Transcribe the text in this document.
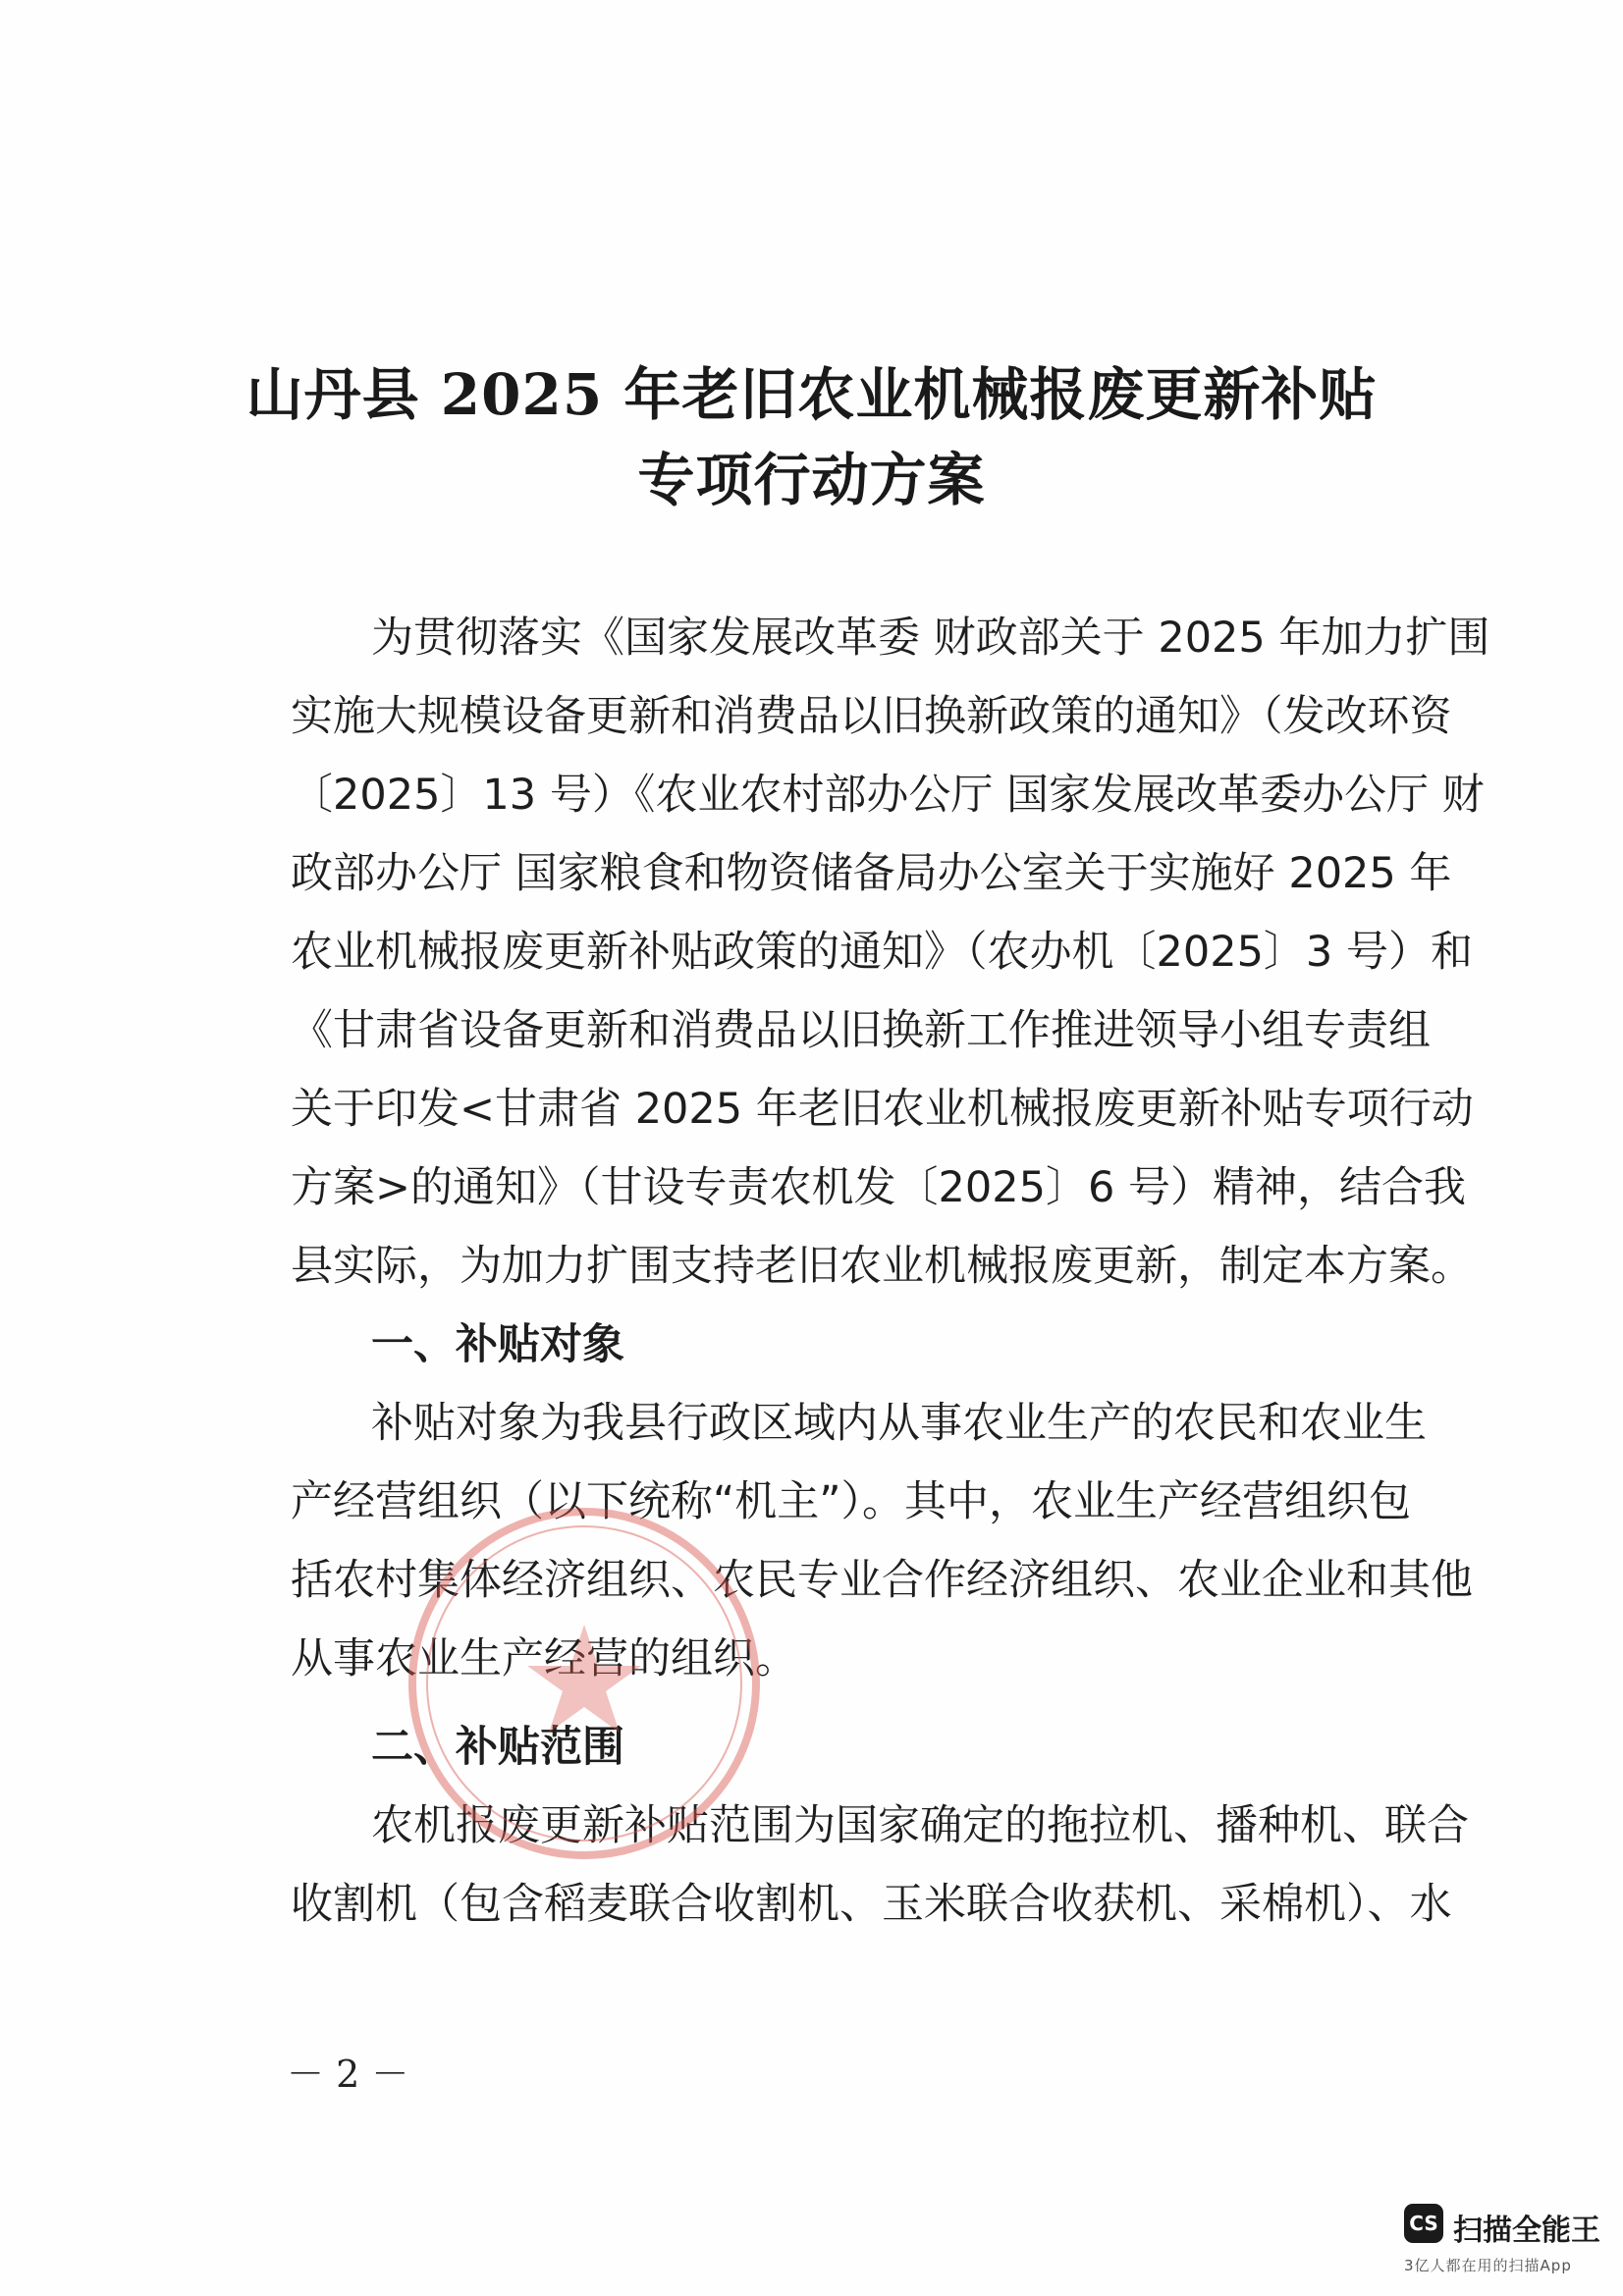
山丹县 2025 年老旧农业机械报废更新补贴
专项行动方案
为贯彻落实《国家发展改革委 财政部关于 2025 年加力扩围
实施大规模设备更新和消费品以旧换新政策的通知》（发改环资
〔2025〕13 号）《农业农村部办公厅 国家发展改革委办公厅 财
政部办公厅 国家粮食和物资储备局办公室关于实施好 2025 年
农业机械报废更新补贴政策的通知》（农办机〔2025〕3 号）和
《甘肃省设备更新和消费品以旧换新工作推进领导小组专责组
关于印发<甘肃省 2025 年老旧农业机械报废更新补贴专项行动
方案>的通知》（甘设专责农机发〔2025〕6 号）精神，结合我
县实际，为加力扩围支持老旧农业机械报废更新，制定本方案。
一、补贴对象
补贴对象为我县行政区域内从事农业生产的农民和农业生
产经营组织（以下统称“机主”）。其中，农业生产经营组织包
括农村集体经济组织、农民专业合作经济组织、农业企业和其他
从事农业生产经营的组织。
二、补贴范围
农机报废更新补贴范围为国家确定的拖拉机、播种机、联合
收割机（包含稻麦联合收割机、玉米联合收获机、采棉机）、水
－ 2 －
CS 扫描全能王
3亿人都在用的扫描App
